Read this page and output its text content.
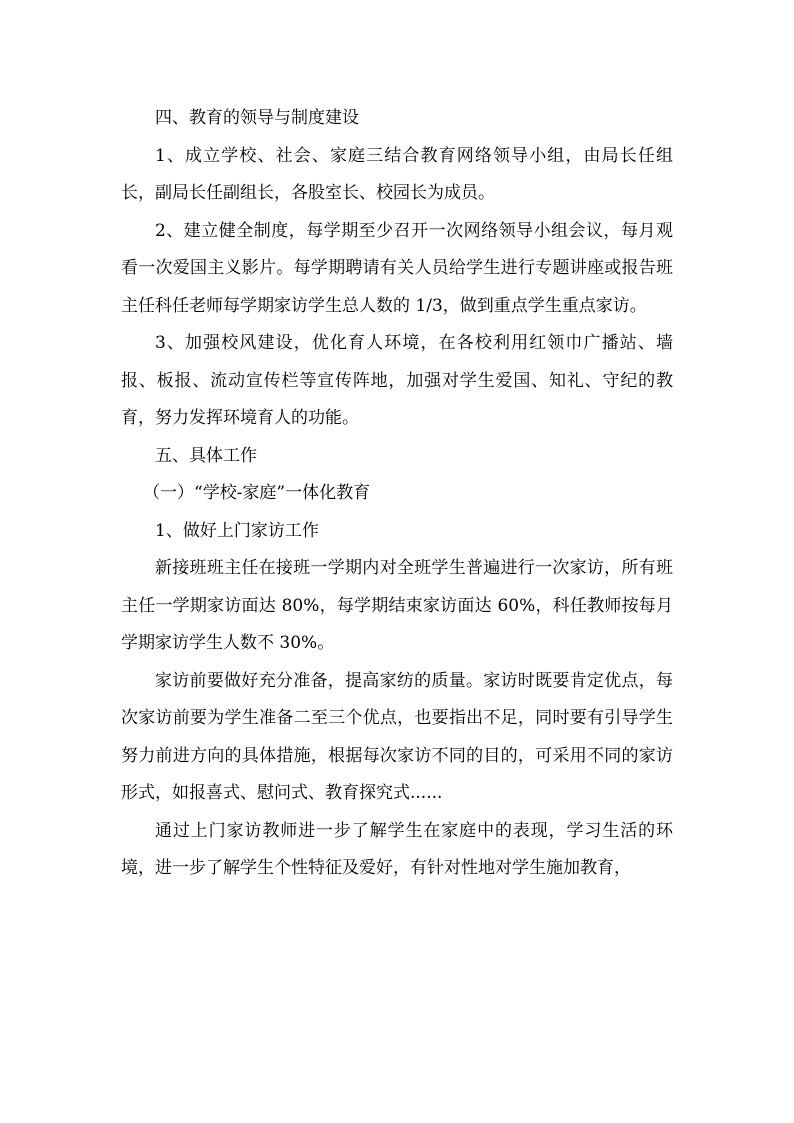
四、教育的领导与制度建设

1、成立学校、社会、家庭三结合教育网络领导小组，由局长任组长，副局长任副组长，各股室长、校园长为成员。

2、建立健全制度，每学期至少召开一次网络领导小组会议，每月观看一次爱国主义影片。每学期聘请有关人员给学生进行专题讲座或报告班主任科任老师每学期家访学生总人数的 1/3，做到重点学生重点家访。

3、加强校风建设，优化育人环境，在各校利用红领巾广播站、墙报、板报、流动宣传栏等宣传阵地，加强对学生爱国、知礼、守纪的教育，努力发挥环境育人的功能。

五、具体工作

（一）“学校-家庭”一体化教育

1、做好上门家访工作

新接班班主任在接班一学期内对全班学生普遍进行一次家访，所有班主任一学期家访面达 80%，每学期结束家访面达 60%，科任教师按每月学期家访学生人数不 30%。

家访前要做好充分准备，提高家纺的质量。家访时既要肯定优点，每次家访前要为学生准备二至三个优点，也要指出不足，同时要有引导学生努力前进方向的具体措施，根据每次家访不同的目的，可采用不同的家访形式，如报喜式、慰问式、教育探究式......

通过上门家访教师进一步了解学生在家庭中的表现，学习生活的环境，进一步了解学生个性特征及爱好，有针对性地对学生施加教育，
